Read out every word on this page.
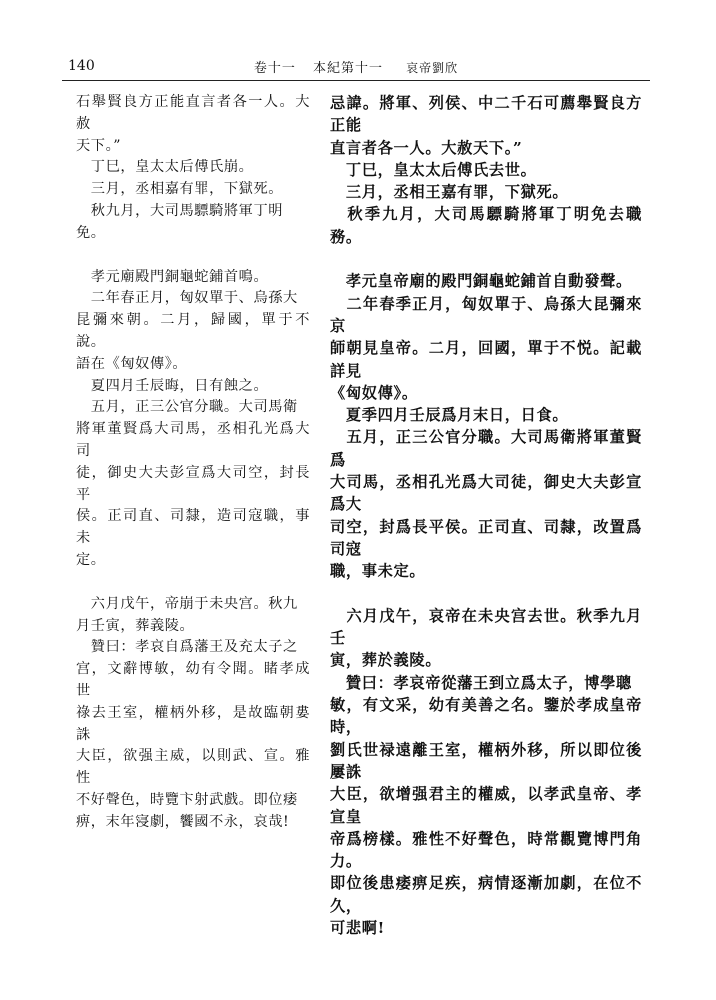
140	卷十一 本紀第十一 哀帝劉欣

石舉賢良方正能直言者各一人。大赦
天下。”

　丁巳，皇太太后傅氏崩。

　三月，丞相嘉有罪，下獄死。

　秋九月，大司馬驃騎將軍丁明
免。

　孝元廟殿門銅龜蛇鋪首鳴。

　二年春正月，匈奴單于、烏孫大
昆彌來朝。二月，歸國，單于不說。
語在《匈奴傳》。

　夏四月壬辰晦，日有蝕之。

　五月，正三公官分職。大司馬衛
將軍董賢爲大司馬，丞相孔光爲大司
徒，御史大夫彭宣爲大司空，封長平
侯。正司直、司隸，造司寇職，事未
定。

　六月戊午，帝崩于未央宫。秋九
月壬寅，葬義陵。

　贊曰：孝哀自爲藩王及充太子之
宫，文辭博敏，幼有令聞。睹孝成世
祿去王室，權柄外移，是故臨朝婁誅
大臣，欲强主威，以則武、宣。雅性
不好聲色，時覽卞射武戲。即位痿
痹，末年寖劇，饗國不永，哀哉!

忌諱。將軍、列侯、中二千石可薦舉賢良方正能
直言者各一人。大赦天下。”

　丁巳，皇太太后傅氏去世。

　三月，丞相王嘉有罪，下獄死。

　秋季九月，大司馬驃騎將軍丁明免去職務。

　孝元皇帝廟的殿門銅龜蛇鋪首自動發聲。

　二年春季正月，匈奴單于、烏孫大昆彌來京
師朝見皇帝。二月，回國，單于不悦。記載詳見
《匈奴傳》。

　夏季四月壬辰爲月末日，日食。

　五月，正三公官分職。大司馬衛將軍董賢爲
大司馬，丞相孔光爲大司徒，御史大夫彭宣爲大
司空，封爲長平侯。正司直、司隸，改置爲司寇
職，事未定。

　六月戊午，哀帝在未央宫去世。秋季九月壬
寅，葬於義陵。

　贊曰：孝哀帝從藩王到立爲太子，博學聰
敏，有文采，幼有美善之名。鑒於孝成皇帝時，
劉氏世禄遠離王室，權柄外移，所以即位後屢誅
大臣，欲增强君主的權威，以孝武皇帝、孝宣皇
帝爲榜樣。雅性不好聲色，時常觀覽博門角力。
即位後患痿痹足疾，病情逐漸加劇，在位不久，
可悲啊!
